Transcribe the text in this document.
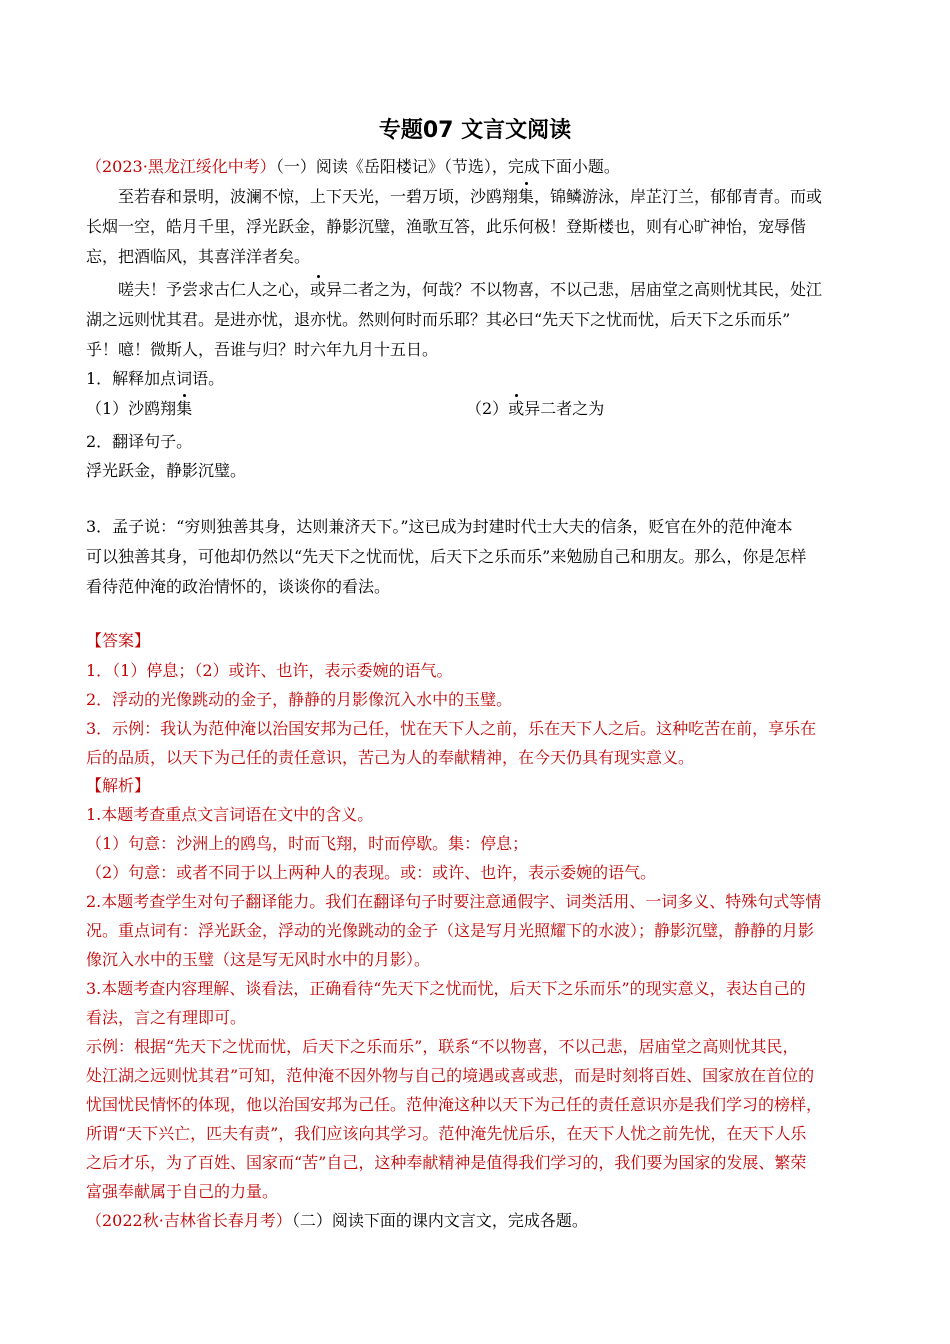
专题07 文言文阅读
（2023·黑龙江绥化中考）（一）阅读《岳阳楼记》（节选），完成下面小题。
至若春和景明，波澜不惊，上下天光，一碧万顷，沙鸥翔集，锦鳞游泳，岸芷汀兰，郁郁青青。而或
长烟一空，皓月千里，浮光跃金，静影沉璧，渔歌互答，此乐何极！登斯楼也，则有心旷神怡，宠辱偕
忘，把酒临风，其喜洋洋者矣。
嗟夫！予尝求古仁人之心，或异二者之为，何哉？不以物喜，不以己悲，居庙堂之高则忧其民，处江
湖之远则忧其君。是进亦忧，退亦忧。然则何时而乐耶？其必曰“先天下之忧而忧，后天下之乐而乐”
乎！噫！微斯人，吾谁与归？时六年九月十五日。
1．解释加点词语。
（1）沙鸥翔集	（2）或异二者之为
2．翻译句子。
浮光跃金，静影沉璧。
3．孟子说：“穷则独善其身，达则兼济天下。”这已成为封建时代士大夫的信条，贬官在外的范仲淹本
可以独善其身，可他却仍然以“先天下之忧而忧，后天下之乐而乐”来勉励自己和朋友。那么，你是怎样
看待范仲淹的政治情怀的，谈谈你的看法。
【答案】
1．（1）停息；（2）或许、也许，表示委婉的语气。
2．浮动的光像跳动的金子，静静的月影像沉入水中的玉璧。
3．示例：我认为范仲淹以治国安邦为己任，忧在天下人之前，乐在天下人之后。这种吃苦在前，享乐在
后的品质，以天下为己任的责任意识，苦己为人的奉献精神，在今天仍具有现实意义。
【解析】
1.本题考查重点文言词语在文中的含义。
（1）句意：沙洲上的鸥鸟，时而飞翔，时而停歇。集：停息；
（2）句意：或者不同于以上两种人的表现。或：或许、也许，表示委婉的语气。
2.本题考查学生对句子翻译能力。我们在翻译句子时要注意通假字、词类活用、一词多义、特殊句式等情
况。重点词有：浮光跃金，浮动的光像跳动的金子（这是写月光照耀下的水波）；静影沉璧，静静的月影
像沉入水中的玉璧（这是写无风时水中的月影）。
3.本题考查内容理解、谈看法，正确看待“先天下之忧而忧，后天下之乐而乐”的现实意义，表达自己的
看法，言之有理即可。
示例：根据“先天下之忧而忧，后天下之乐而乐”，联系“不以物喜，不以己悲，居庙堂之高则忧其民，
处江湖之远则忧其君”可知，范仲淹不因外物与自己的境遇或喜或悲，而是时刻将百姓、国家放在首位的
忧国忧民情怀的体现，他以治国安邦为己任。范仲淹这种以天下为己任的责任意识亦是我们学习的榜样，
所谓“天下兴亡，匹夫有责”，我们应该向其学习。范仲淹先忧后乐，在天下人忧之前先忧，在天下人乐
之后才乐，为了百姓、国家而“苦”自己，这种奉献精神是值得我们学习的，我们要为国家的发展、繁荣
富强奉献属于自己的力量。
（2022秋·吉林省长春月考）（二）阅读下面的课内文言文，完成各题。
